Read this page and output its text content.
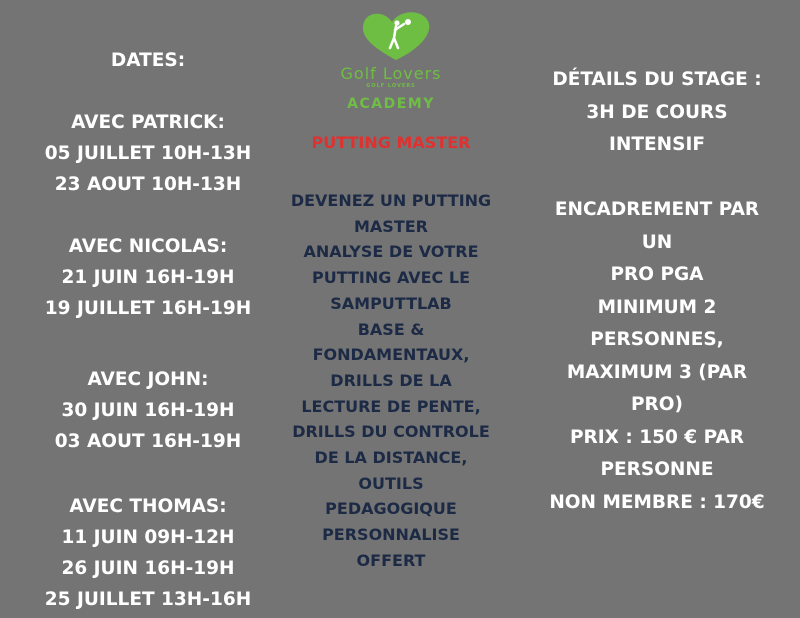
DATES:
AVEC PATRICK:
05 JUILLET 10H-13H
23 AOUT 10H-13H
AVEC NICOLAS:
21 JUIN 16H-19H
19 JUILLET 16H-19H
AVEC JOHN:
30 JUIN 16H-19H
03 AOUT 16H-19H
AVEC THOMAS:
11 JUIN 09H-12H
26 JUIN 16H-19H
25 JUILLET 13H-16H
Golf Lovers
GOLF LOVERS
ACADEMY
PUTTING MASTER
DEVENEZ UN PUTTING
MASTER
ANALYSE DE VOTRE
PUTTING AVEC LE
SAMPUTTLAB
BASE &
FONDAMENTAUX,
DRILLS DE LA
LECTURE DE PENTE,
DRILLS DU CONTROLE
DE LA DISTANCE,
OUTILS
PEDAGOGIQUE
PERSONNALISE
OFFERT
DÉTAILS DU STAGE :
3H DE COURS
INTENSIF
ENCADREMENT PAR
UN
PRO PGA
MINIMUM 2
PERSONNES,
MAXIMUM 3 (PAR
PRO)
PRIX : 150 € PAR
PERSONNE
NON MEMBRE : 170€
